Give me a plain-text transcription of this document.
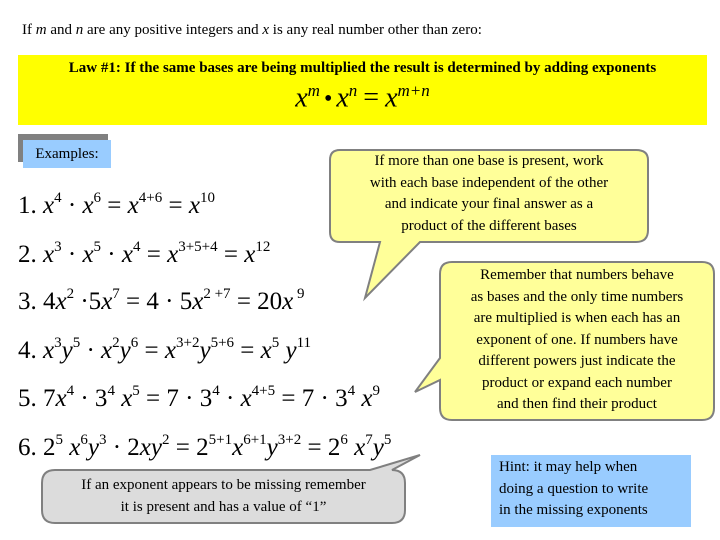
If m and n are any positive integers and x is any real number other than zero:
Law #1: If the same bases are being multiplied the result is determined by adding exponents
$x^m$ • $x^n = x^{m+n}$
Examples:
1. $x^4 \cdot x^6 = x^{4+6} = x^{10}$
2. $x^3 \cdot x^5 \cdot x^4 = x^{3+5+4} = x^{12}$
3. $4x^2 \cdot 5x^7 = 4 \cdot 5x^{2 +7} = 20x$ $^9$
4. $x^3y^5 \cdot x^2y^6 = x^{3+2}y^{5+6} = x^5$ $y^{11}$
5. $7x^4 \cdot 3^4$ $x^5 = 7 \cdot 3^4 \cdot x^{4+5} = 7 \cdot 3^4$ $x^9$
6. $2^5$ $x^6y^3 \cdot 2xy^2 = 2^{5+1}x^{6+1}y^{3+2} = 2^6$ $x^7y^5$
If more than one base is present, work
with each base independent of the other
and indicate your final answer as a
product of the different bases
Remember that numbers behave
as bases and the only time numbers
are multiplied is when each has an
exponent of one. If numbers have
different powers just indicate the
product or expand each number
and then find their product
If an exponent appears to be missing remember
it is present and has a value of “1”
Hint: it may help when
doing a question to write
in the missing exponents
